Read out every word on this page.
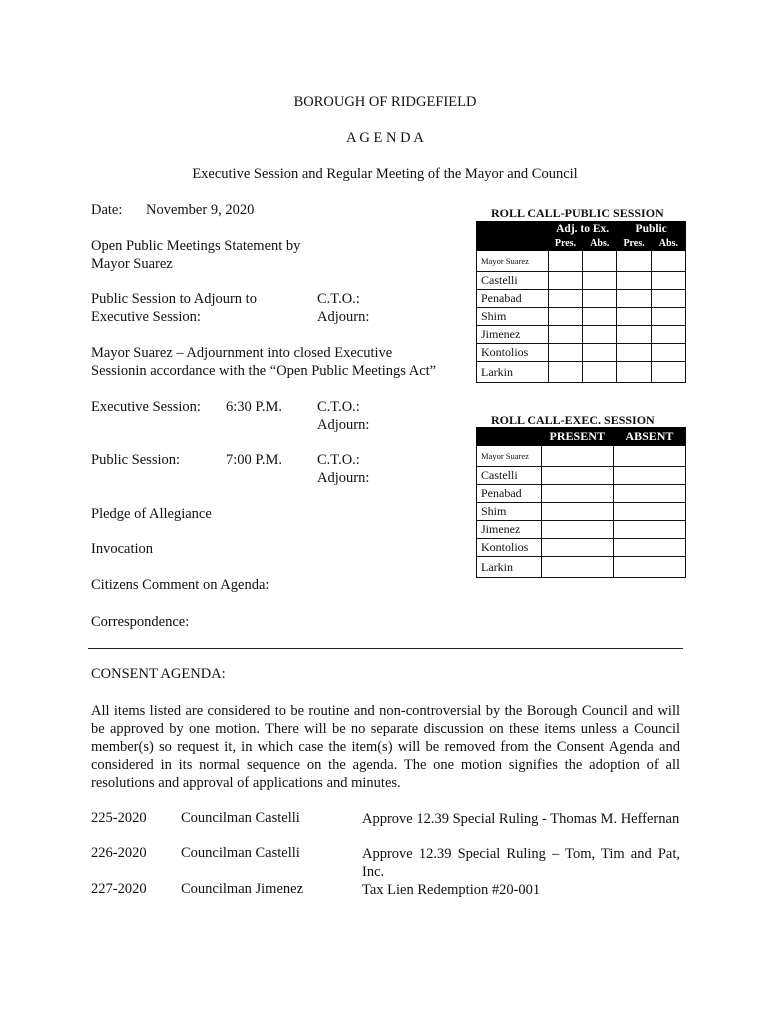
BOROUGH OF RIDGEFIELD
A G E N D A
Executive Session and Regular Meeting of the Mayor and Council
Date: November 9, 2020
Open Public Meetings Statement by
Mayor Suarez
Public Session to Adjourn to
Executive Session:
C.T.O.:
Adjourn:
Mayor Suarez – Adjournment into closed Executive
Sessionin accordance with the “Open Public Meetings Act”
Executive Session: 6:30 P.M. C.T.O.:
Adjourn:
Public Session:	7:00 P.M. C.T.O.:
Adjourn:
Pledge of Allegiance
Invocation
Citizens Comment on Agenda:
Correspondence:
ROLL CALL-PUBLIC SESSION
	Adj. to Ex.		Public	
	Pres.	Abs.	Pres.	Abs.
Mayor Suarez				
Castelli				
Penabad				
Shim				
Jimenez				
Kontolios				
Larkin				
ROLL CALL-EXEC. SESSION
	PRESENT	ABSENT
Mayor Suarez		
Castelli		
Penabad		
Shim		
Jimenez		
Kontolios		
Larkin		
CONSENT AGENDA:
All items listed are considered to be routine and non-controversial by the Borough Council and will be approved by one motion. There will be no separate discussion on these items unless a Council member(s) so request it, in which case the item(s) will be removed from the Consent Agenda and considered in its normal sequence on the agenda. The one motion signifies the adoption of all resolutions and approval of applications and minutes.
225-2020 Councilman Castelli	Approve 12.39 Special Ruling - Thomas M. Heffernan
226-2020 Councilman Castelli	Approve 12.39 Special Ruling – Tom, Tim and Pat, Inc.
227-2020 Councilman Jimenez	Tax Lien Redemption #20-001
